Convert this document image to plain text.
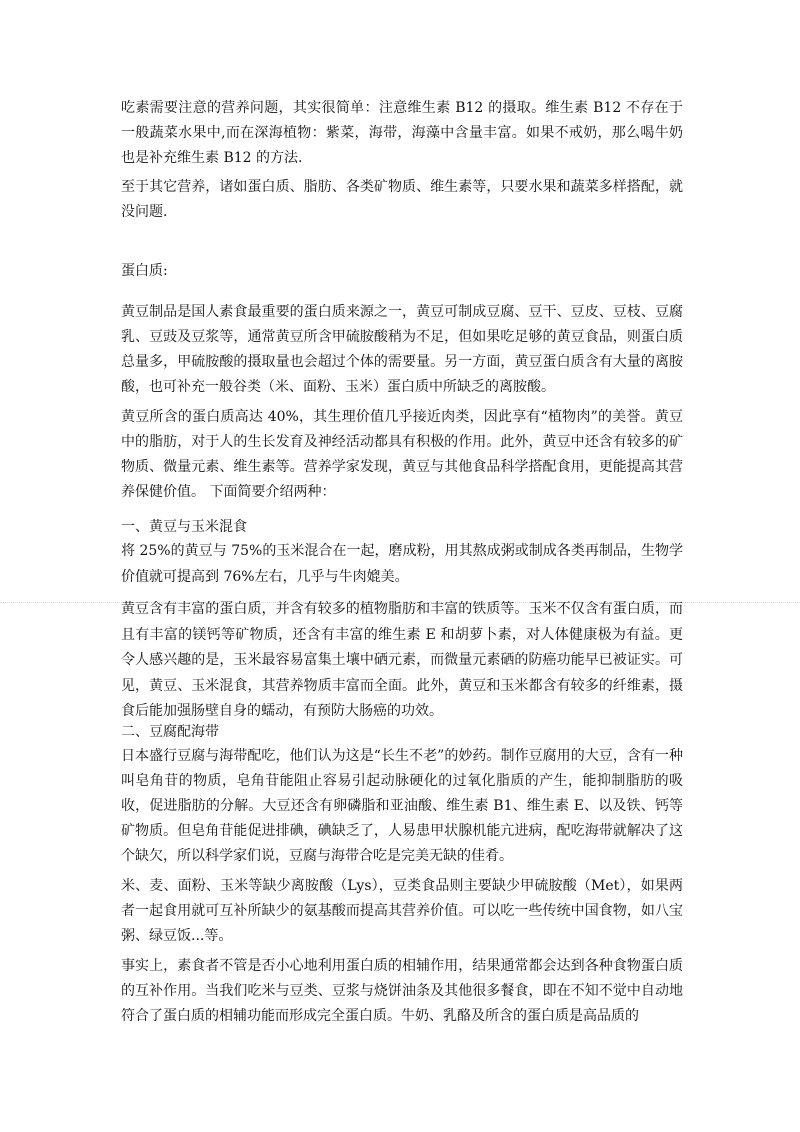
吃素需要注意的营养问题，其实很简单：注意维生素 B12 的摄取。维生素 B12 不存在于一般蔬菜水果中,而在深海植物：紫菜，海带，海藻中含量丰富。如果不戒奶，那么喝牛奶也是补充维生素 B12 的方法.

至于其它营养，诸如蛋白质、脂肪、各类矿物质、维生素等，只要水果和蔬菜多样搭配，就没问题.

蛋白质:

黄豆制品是国人素食最重要的蛋白质来源之一，黄豆可制成豆腐、豆干、豆皮、豆枝、豆腐乳、豆豉及豆浆等，通常黄豆所含甲硫胺酸稍为不足，但如果吃足够的黄豆食品，则蛋白质总量多，甲硫胺酸的摄取量也会超过个体的需要量。另一方面，黄豆蛋白质含有大量的离胺酸，也可补充一般谷类（米、面粉、玉米）蛋白质中所缺乏的离胺酸。

黄豆所含的蛋白质高达 40%，其生理价值几乎接近肉类，因此享有“植物肉”的美誉。黄豆中的脂肪，对于人的生长发育及神经活动都具有积极的作用。此外，黄豆中还含有较多的矿物质、微量元素、维生素等。营养学家发现，黄豆与其他食品科学搭配食用，更能提高其营养保健价值。 下面简要介绍两种：

一、黄豆与玉米混食

将 25%的黄豆与 75%的玉米混合在一起，磨成粉，用其熬成粥或制成各类再制品，生物学价值就可提高到 76%左右，几乎与牛肉媲美。

黄豆含有丰富的蛋白质，并含有较多的植物脂肪和丰富的铁质等。玉米不仅含有蛋白质，而且有丰富的镁钙等矿物质，还含有丰富的维生素 E 和胡萝卜素，对人体健康极为有益。更令人感兴趣的是，玉米最容易富集土壤中硒元素，而微量元素硒的防癌功能早已被证实。可见，黄豆、玉米混食，其营养物质丰富而全面。此外，黄豆和玉米都含有较多的纤维素，摄食后能加强肠壁自身的蠕动，有预防大肠癌的功效。

二、豆腐配海带

日本盛行豆腐与海带配吃，他们认为这是“长生不老”的妙药。制作豆腐用的大豆，含有一种叫皂角苷的物质，皂角苷能阻止容易引起动脉硬化的过氧化脂质的产生，能抑制脂肪的吸收，促进脂肪的分解。大豆还含有卵磷脂和亚油酸、维生素 B1、维生素 E、以及铁、钙等矿物质。但皂角苷能促进排碘，碘缺乏了，人易患甲状腺机能亢进病，配吃海带就解决了这个缺欠，所以科学家们说，豆腐与海带合吃是完美无缺的佳肴。

米、麦、面粉、玉米等缺少离胺酸（Lys），豆类食品则主要缺少甲硫胺酸（Met），如果两者一起食用就可互补所缺少的氨基酸而提高其营养价值。可以吃一些传统中国食物，如八宝粥、绿豆饭...等。

事实上，素食者不管是否小心地利用蛋白质的相辅作用，结果通常都会达到各种食物蛋白质的互补作用。当我们吃米与豆类、豆浆与烧饼油条及其他很多餐食，即在不知不觉中自动地符合了蛋白质的相辅功能而形成完全蛋白质。牛奶、乳酪及所含的蛋白质是高品质的
